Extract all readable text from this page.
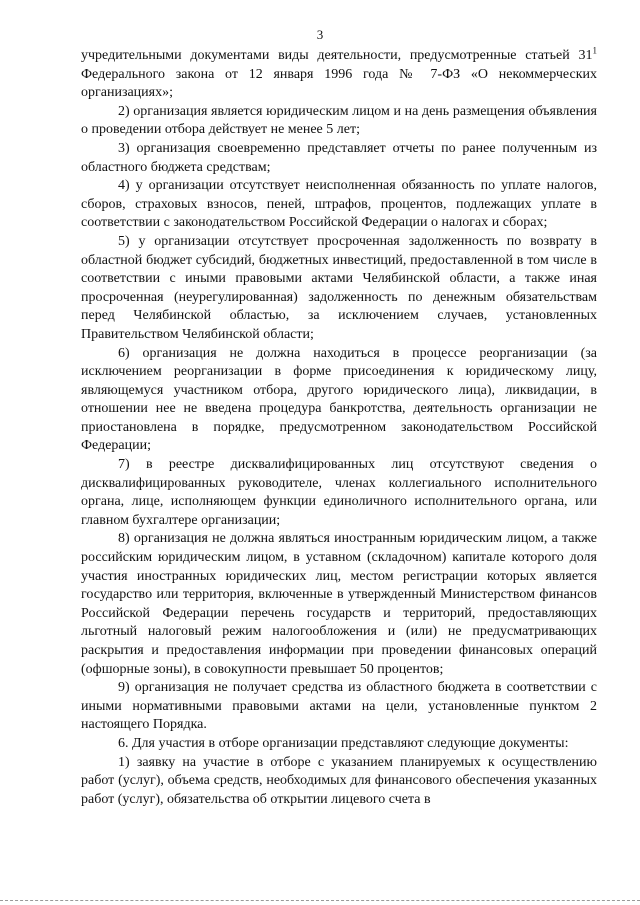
3

учредительными документами виды деятельности, предусмотренные статьей $31^1$ Федерального закона от 12 января 1996 года № 7-ФЗ «О некоммерческих организациях»;

2) организация является юридическим лицом и на день размещения объявления о проведении отбора действует не менее 5 лет;

3) организация своевременно представляет отчеты по ранее полученным из областного бюджета средствам;

4) у организации отсутствует неисполненная обязанность по уплате налогов, сборов, страховых взносов, пеней, штрафов, процентов, подлежащих уплате в соответствии с законодательством Российской Федерации о налогах и сборах;

5) у организации отсутствует просроченная задолженность по возврату в областной бюджет субсидий, бюджетных инвестиций, предоставленной в том числе в соответствии с иными правовыми актами Челябинской области, а также иная просроченная (неурегулированная) задолженность по денежным обязательствам перед Челябинской областью, за исключением случаев, установленных Правительством Челябинской области;

6) организация не должна находиться в процессе реорганизации (за исключением реорганизации в форме присоединения к юридическому лицу, являющемуся участником отбора, другого юридического лица), ликвидации, в отношении нее не введена процедура банкротства, деятельность организации не приостановлена в порядке, предусмотренном законодательством Российской Федерации;

7) в реестре дисквалифицированных лиц отсутствуют сведения о дисквалифицированных руководителе, членах коллегиального исполнительного органа, лице, исполняющем функции единоличного исполнительного органа, или главном бухгалтере организации;

8) организация не должна являться иностранным юридическим лицом, а также российским юридическим лицом, в уставном (складочном) капитале которого доля участия иностранных юридических лиц, местом регистрации которых является государство или территория, включенные в утвержденный Министерством финансов Российской Федерации перечень государств и территорий, предоставляющих льготный налоговый режим налогообложения и (или) не предусматривающих раскрытия и предоставления информации при проведении финансовых операций (офшорные зоны), в совокупности превышает 50 процентов;

9) организация не получает средства из областного бюджета в соответствии с иными нормативными правовыми актами на цели, установленные пунктом 2 настоящего Порядка.

6. Для участия в отборе организации представляют следующие документы:

1) заявку на участие в отборе с указанием планируемых к осуществлению работ (услуг), объема средств, необходимых для финансового обеспечения указанных работ (услуг), обязательства об открытии лицевого счета в
